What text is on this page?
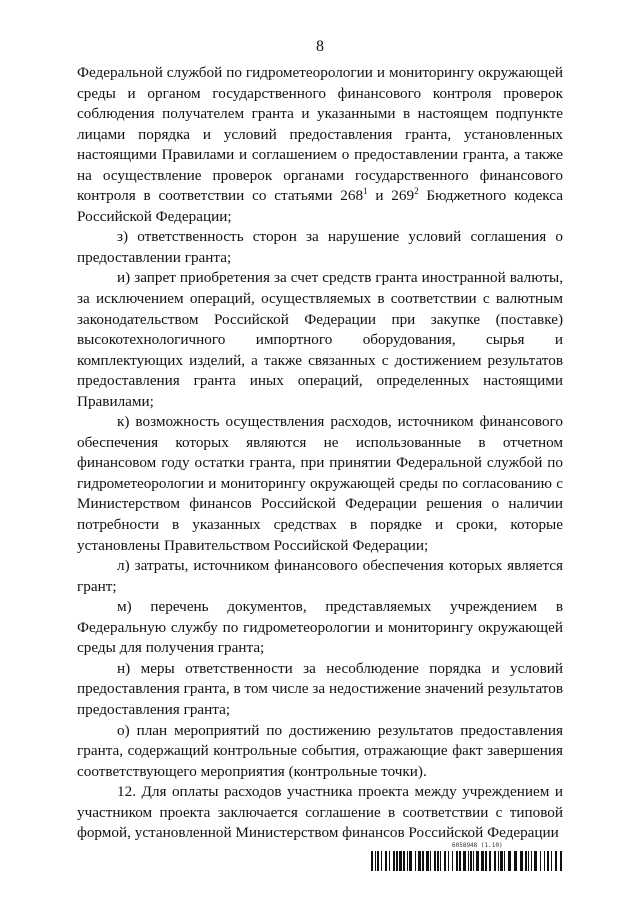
8

Федеральной службой по гидрометеорологии и мониторингу окружающей среды и органом государственного финансового контроля проверок соблюдения получателем гранта и указанными в настоящем подпункте лицами порядка и условий предоставления гранта, установленных настоящими Правилами и соглашением о предоставлении гранта, а также на осуществление проверок органами государственного финансового контроля в соответствии со статьями $268^1$ и $269^2$ Бюджетного кодекса Российской Федерации;

з) ответственность сторон за нарушение условий соглашения о предоставлении гранта;

и) запрет приобретения за счет средств гранта иностранной валюты, за исключением операций, осуществляемых в соответствии с валютным законодательством Российской Федерации при закупке (поставке) высокотехнологичного импортного оборудования, сырья и комплектующих изделий, а также связанных с достижением результатов предоставления гранта иных операций, определенных настоящими Правилами;

к) возможность осуществления расходов, источником финансового обеспечения которых являются не использованные в отчетном финансовом году остатки гранта, при принятии Федеральной службой по гидрометеорологии и мониторингу окружающей среды по согласованию с Министерством финансов Российской Федерации решения о наличии потребности в указанных средствах в порядке и сроки, которые установлены Правительством Российской Федерации;

л) затраты, источником финансового обеспечения которых является грант;

м) перечень документов, представляемых учреждением в Федеральную службу по гидрометеорологии и мониторингу окружающей среды для получения гранта;

н) меры ответственности за несоблюдение порядка и условий предоставления гранта, в том числе за недостижение значений результатов предоставления гранта;

о) план мероприятий по достижению результатов предоставления гранта, содержащий контрольные события, отражающие факт завершения соответствующего мероприятия (контрольные точки).

12. Для оплаты расходов участника проекта между учреждением и участником проекта заключается соглашение в соответствии с типовой формой, установленной Министерством финансов Российской Федерации

6058948 (1.10)
